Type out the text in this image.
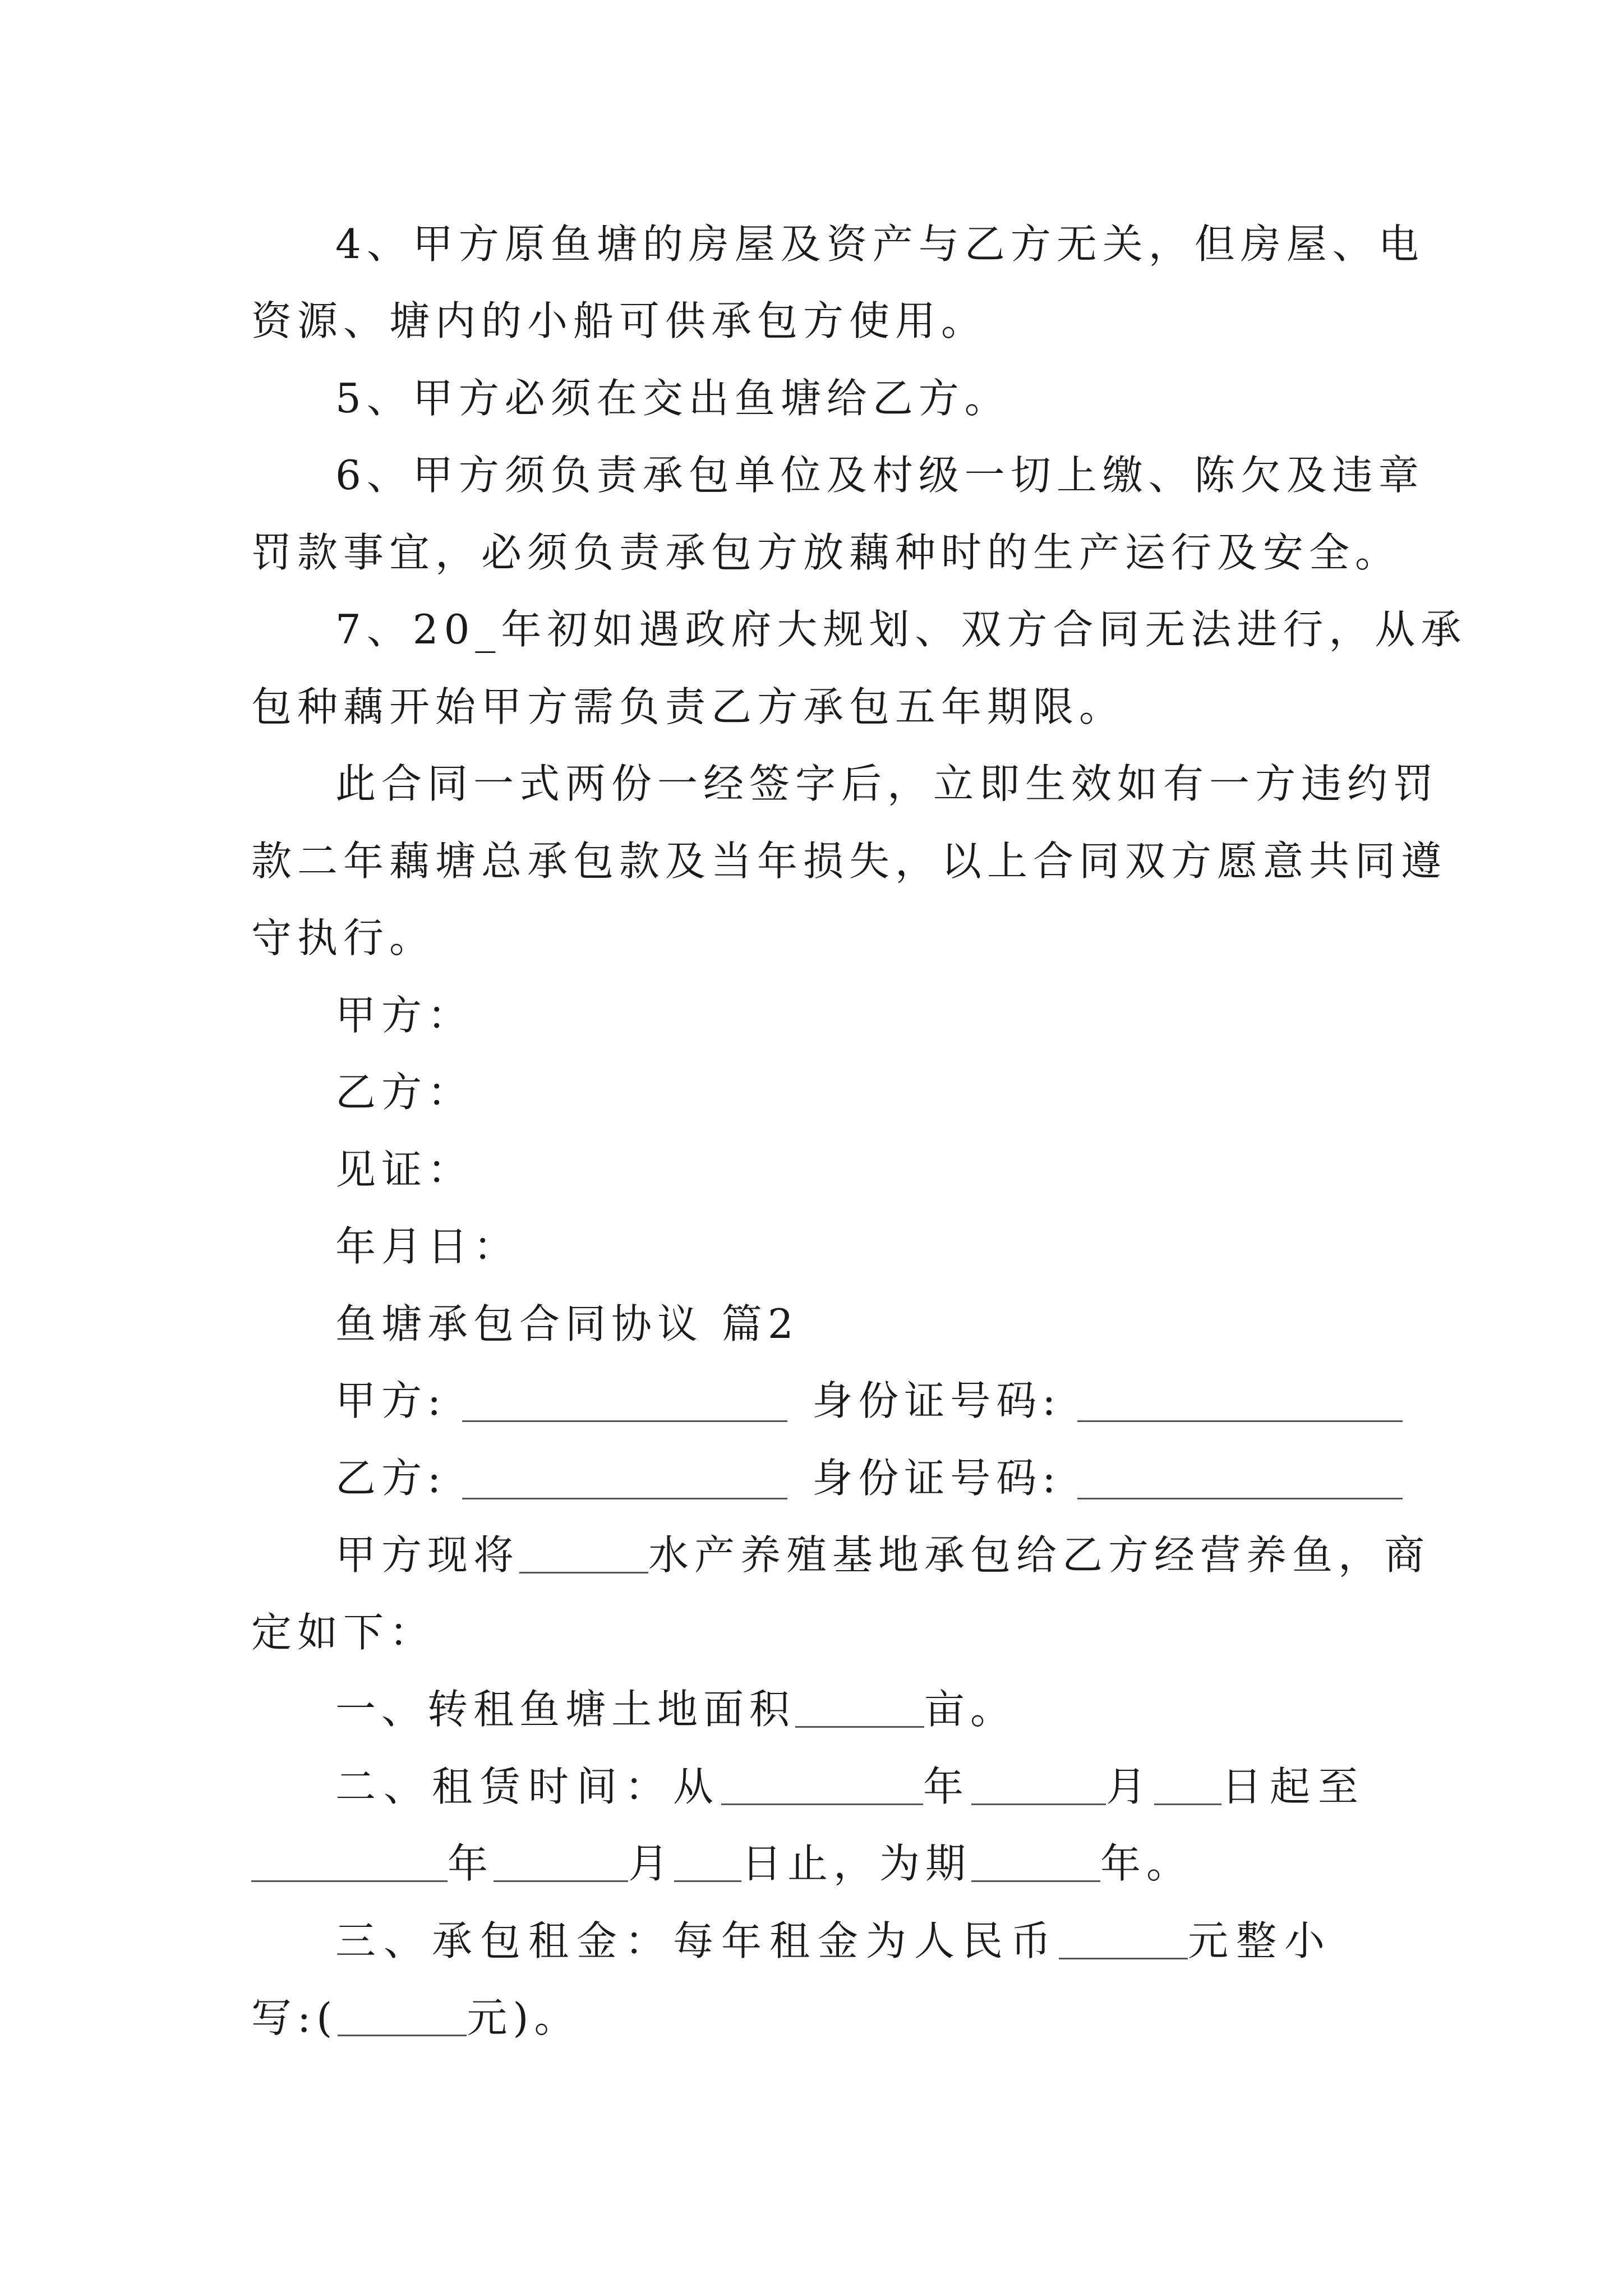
4、甲方原鱼塘的房屋及资产与乙方无关，但房屋、电
资源、塘内的小船可供承包方使用。
5、甲方必须在交出鱼塘给乙方。
6、甲方须负责承包单位及村级一切上缴、陈欠及违章
罚款事宜，必须负责承包方放藕种时的生产运行及安全。
7、20_年初如遇政府大规划、双方合同无法进行，从承
包种藕开始甲方需负责乙方承包五年期限。
此合同一式两份一经签字后，立即生效如有一方违约罚
款二年藕塘总承包款及当年损失，以上合同双方愿意共同遵
守执行。
甲方：
乙方：
见证：
年月日：
鱼塘承包合同协议 篇2
甲方:	身份证号码:
乙方:	身份证号码:
甲方现将	水产养殖基地承包给乙方经营养鱼，商
定如下：
一、转租鱼塘土地面积	亩。
二、租赁时间：从	年	月 日起至
年	月 日止，为期	年。
三、承包租金：每年租金为人民币	元整小
写:(	元)。
